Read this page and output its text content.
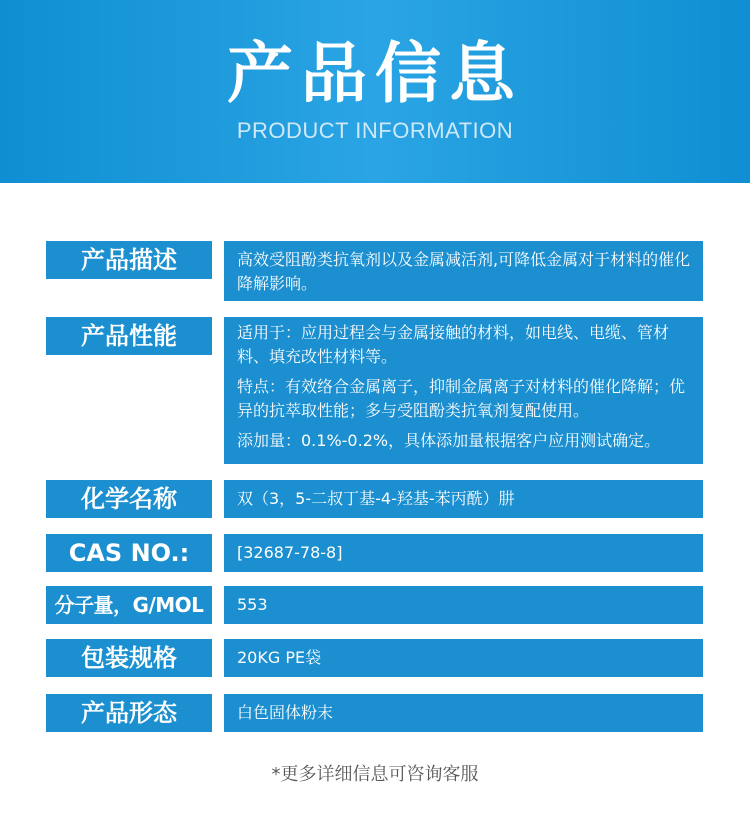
产品信息
PRODUCT INFORMATION
产品描述	高效受阻酚类抗氧剂以及金属减活剂,可降低金属对于材料的催化降解影响。

产品性能	适用于：应用过程会与金属接触的材料，如电线、电缆、管材料、填充改性材料等。

特点：有效络合金属离子，抑制金属离子对材料的催化降解；优异的抗萃取性能；多与受阻酚类抗氧剂复配使用。

添加量：0.1%-0.2%，具体添加量根据客户应用测试确定。

化学名称	双（3，5-二叔丁基-4-羟基-苯丙酰）肼
CAS NO.:	[32687-78-8]
分子量，G/MOL	553
包装规格	20KG PE袋
产品形态	白色固体粉末
*更多详细信息可咨询客服
